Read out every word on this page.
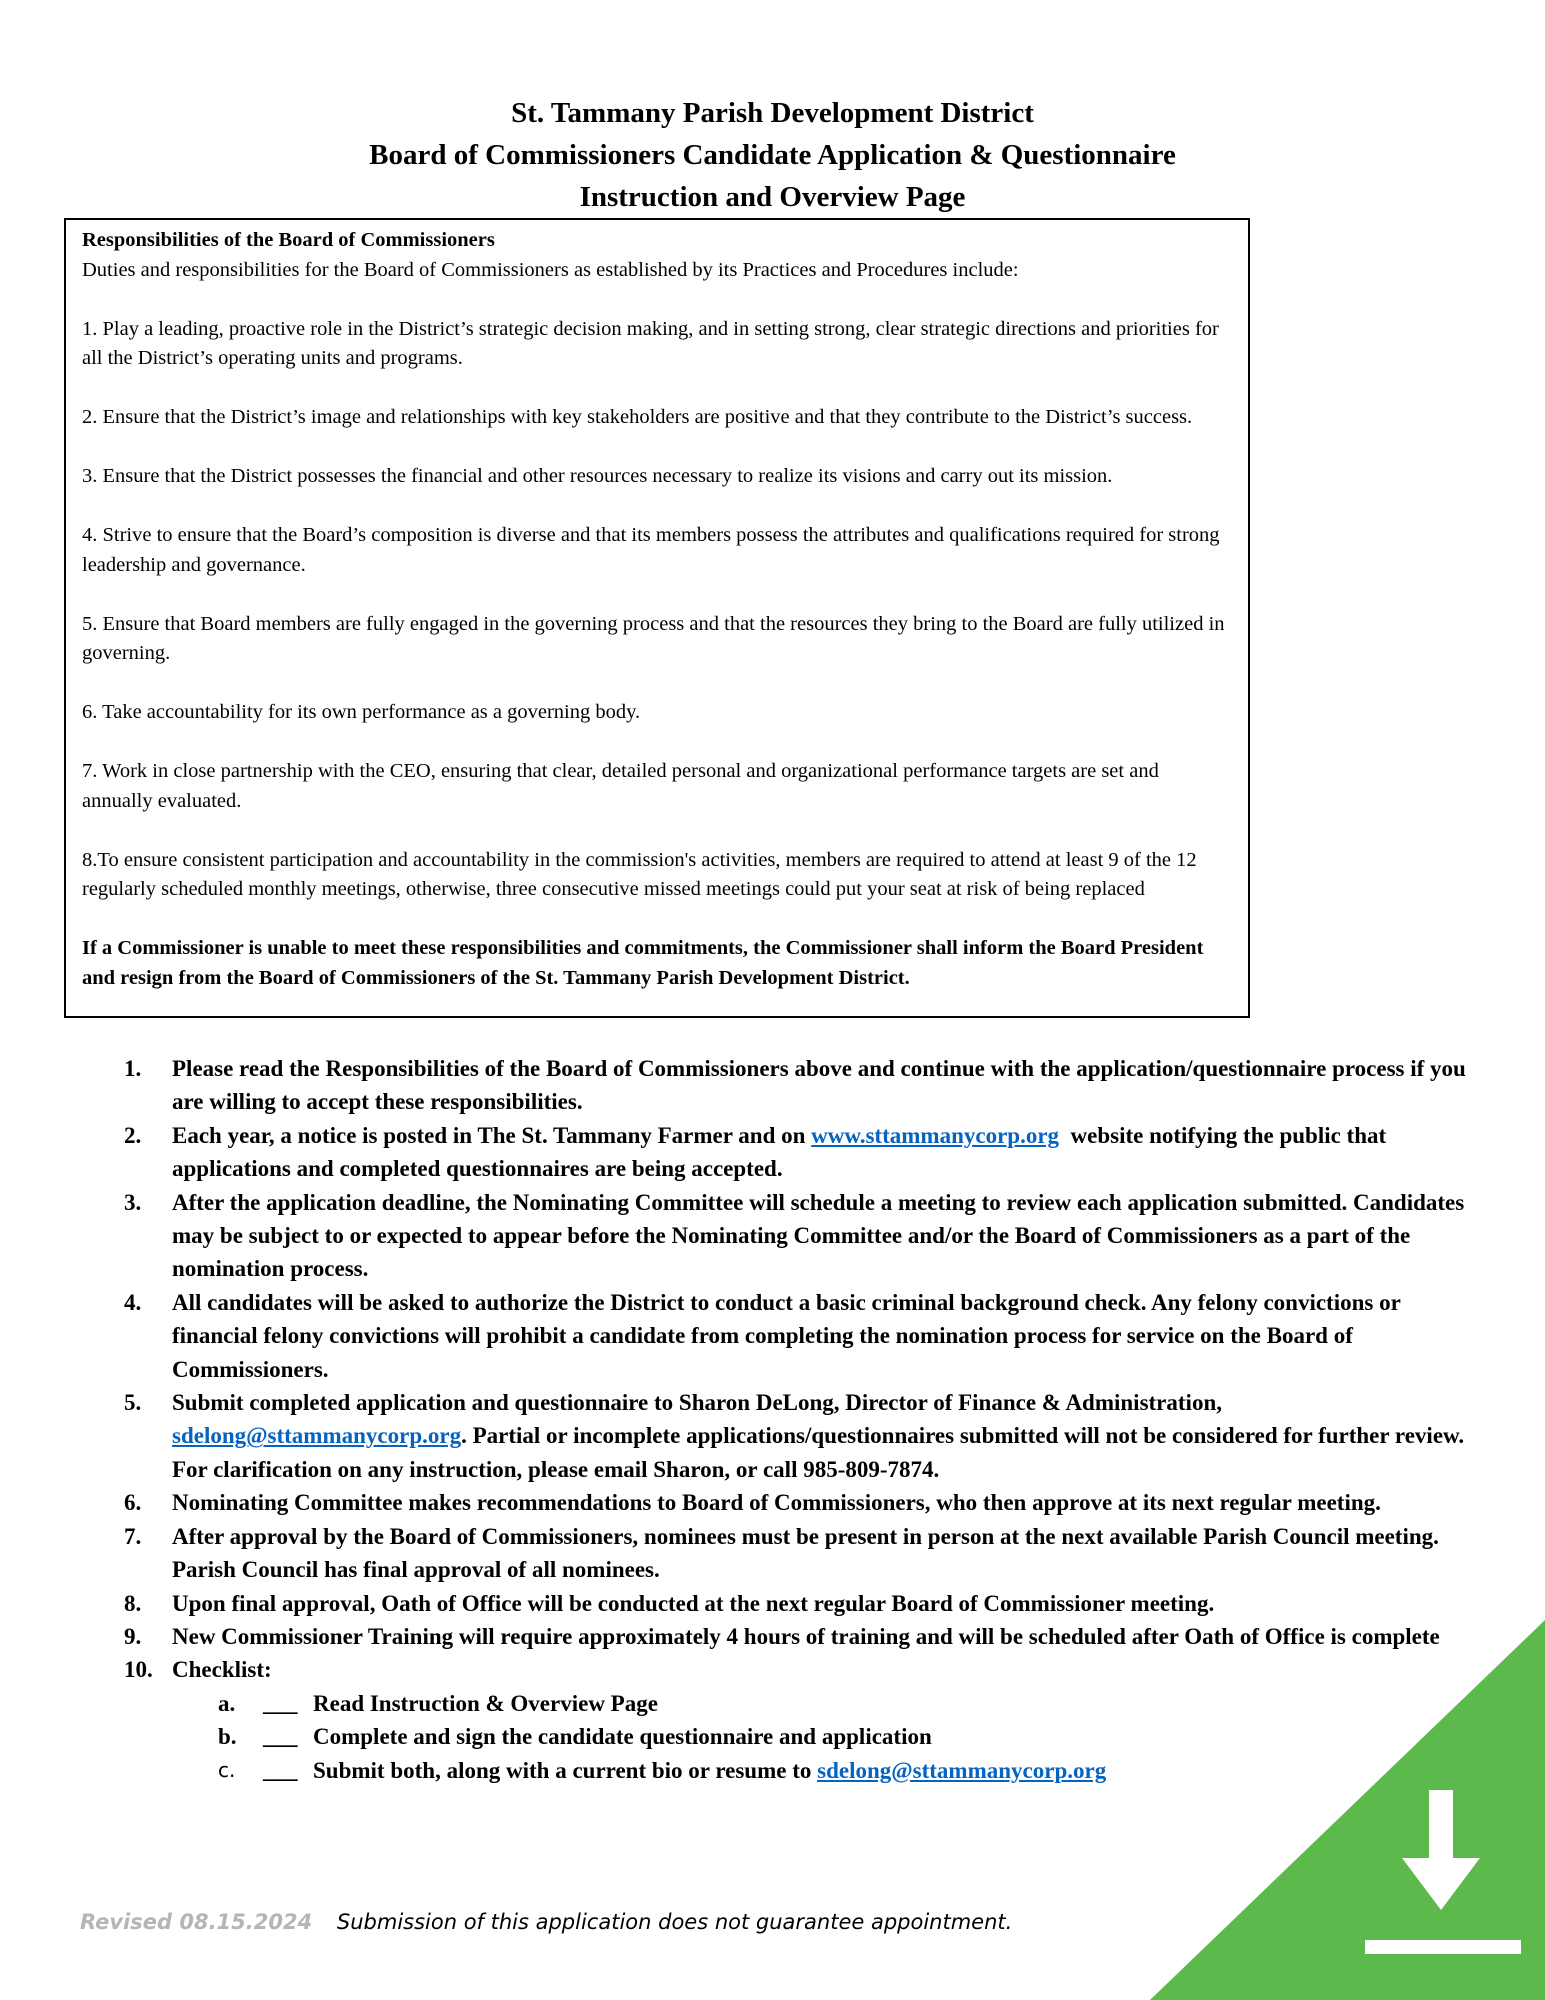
St. Tammany Parish Development District
Board of Commissioners Candidate Application & Questionnaire
Instruction and Overview Page

Responsibilities of the Board of Commissioners

Duties and responsibilities for the Board of Commissioners as established by its Practices and Procedures include:

1. Play a leading, proactive role in the District’s strategic decision making, and in setting strong, clear strategic directions and priorities for all the District’s operating units and programs.

2. Ensure that the District’s image and relationships with key stakeholders are positive and that they contribute to the District’s success.

3. Ensure that the District possesses the financial and other resources necessary to realize its visions and carry out its mission.

4. Strive to ensure that the Board’s composition is diverse and that its members possess the attributes and qualifications required for strong leadership and governance.

5. Ensure that Board members are fully engaged in the governing process and that the resources they bring to the Board are fully utilized in governing.

6. Take accountability for its own performance as a governing body.

7. Work in close partnership with the CEO, ensuring that clear, detailed personal and organizational performance targets are set and annually evaluated.

8.To ensure consistent participation and accountability in the commission's activities, members are required to attend at least 9 of the 12 regularly scheduled monthly meetings, otherwise, three consecutive missed meetings could put your seat at risk of being replaced

If a Commissioner is unable to meet these responsibilities and commitments, the Commissioner shall inform the Board President and resign from the Board of Commissioners of the St. Tammany Parish Development District.

1.	Please read the Responsibilities of the Board of Commissioners above and continue with the application/questionnaire process if you are willing to accept these responsibilities.
2.	Each year, a notice is posted in The St. Tammany Farmer and on www.sttammanycorp.org  website notifying the public that applications and completed questionnaires are being accepted.
3.	After the application deadline, the Nominating Committee will schedule a meeting to review each application submitted. Candidates may be subject to or expected to appear before the Nominating Committee and/or the Board of Commissioners as a part of the nomination process.
4.	All candidates will be asked to authorize the District to conduct a basic criminal background check. Any felony convictions or financial felony convictions will prohibit a candidate from completing the nomination process for service on the Board of Commissioners.
5.	Submit completed application and questionnaire to Sharon DeLong, Director of Finance & Administration, sdelong@sttammanycorp.org. Partial or incomplete applications/questionnaires submitted will not be considered for further review. For clarification on any instruction, please email Sharon, or call 985-809-7874.
6.	Nominating Committee makes recommendations to Board of Commissioners, who then approve at its next regular meeting.
7.	After approval by the Board of Commissioners, nominees must be present in person at the next available Parish Council meeting. Parish Council has final approval of all nominees.
8.	Upon final approval, Oath of Office will be conducted at the next regular Board of Commissioner meeting.
9.	New Commissioner Training will require approximately 4 hours of training and will be scheduled after Oath of Office is complete
10. Checklist:
a.	___ Read Instruction & Overview Page
b.	___ Complete and sign the candidate questionnaire and application
c.	___ Submit both, along with a current bio or resume to sdelong@sttammanycorp.org
Revised 08.15.2024 Submission of this application does not guarantee appointment.
